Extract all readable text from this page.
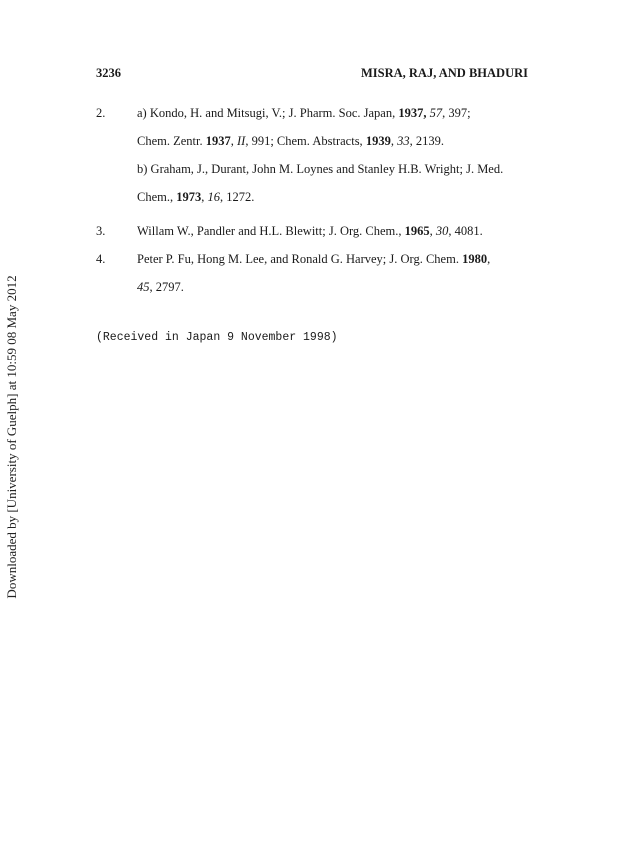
Downloaded by [University of Guelph] at 10:59 08 May 2012
3236	MISRA, RAJ, AND BHADURI
2.	a) Kondo, H. and Mitsugi, V.; J. Pharm. Soc. Japan, 1937, 57, 397;
Chem. Zentr. 1937, II, 991; Chem. Abstracts, 1939, 33, 2139.
b) Graham, J., Durant, John M. Loynes and Stanley H.B. Wright; J. Med.
Chem., 1973, 16, 1272.
3.	Willam W., Pandler and H.L. Blewitt; J. Org. Chem., 1965, 30, 4081.
4.	Peter P. Fu, Hong M. Lee, and Ronald G. Harvey; J. Org. Chem. 1980,
45, 2797.
(Received in Japan 9 November 1998)
